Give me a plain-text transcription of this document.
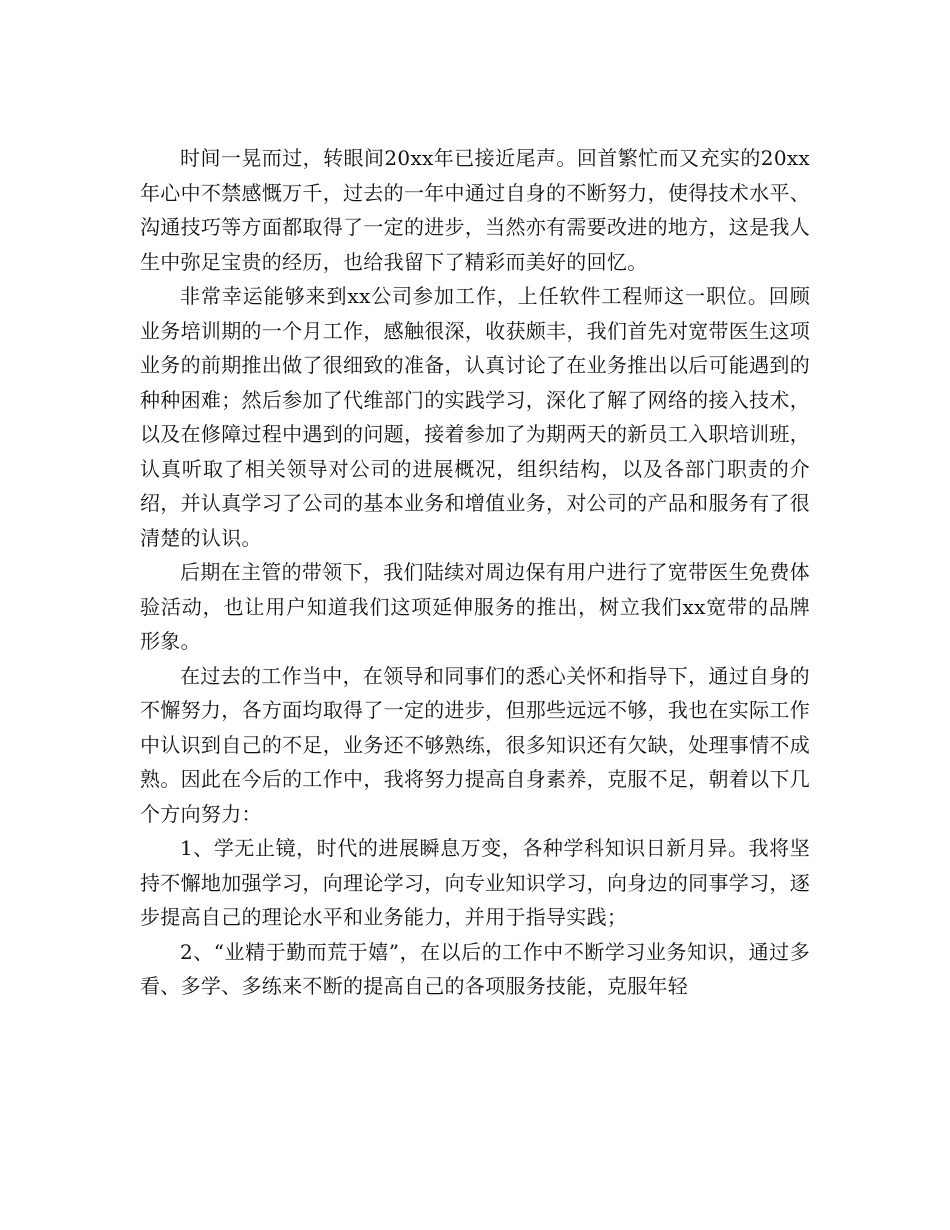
时间一晃而过，转眼间20xx年已接近尾声。回首繁忙而又充实的20xx年心中不禁感慨万千，过去的一年中通过自身的不断努力，使得技术水平、沟通技巧等方面都取得了一定的进步，当然亦有需要改进的地方，这是我人生中弥足宝贵的经历，也给我留下了精彩而美好的回忆。

非常幸运能够来到xx公司参加工作，上任软件工程师这一职位。回顾业务培训期的一个月工作，感触很深，收获颇丰，我们首先对宽带医生这项业务的前期推出做了很细致的准备，认真讨论了在业务推出以后可能遇到的种种困难；然后参加了代维部门的实践学习，深化了解了网络的接入技术，以及在修障过程中遇到的问题，接着参加了为期两天的新员工入职培训班，认真听取了相关领导对公司的进展概况，组织结构，以及各部门职责的介绍，并认真学习了公司的基本业务和增值业务，对公司的产品和服务有了很清楚的认识。

后期在主管的带领下，我们陆续对周边保有用户进行了宽带医生免费体验活动，也让用户知道我们这项延伸服务的推出，树立我们xx宽带的品牌形象。

在过去的工作当中，在领导和同事们的悉心关怀和指导下，通过自身的不懈努力，各方面均取得了一定的进步，但那些远远不够，我也在实际工作中认识到自己的不足，业务还不够熟练，很多知识还有欠缺，处理事情不成熟。因此在今后的工作中，我将努力提高自身素养，克服不足，朝着以下几个方向努力：

1、学无止镜，时代的进展瞬息万变，各种学科知识日新月异。我将坚持不懈地加强学习，向理论学习，向专业知识学习，向身边的同事学习，逐步提高自己的理论水平和业务能力，并用于指导实践；

2、“业精于勤而荒于嬉”，在以后的工作中不断学习业务知识，通过多看、多学、多练来不断的提高自己的各项服务技能，克服年轻
